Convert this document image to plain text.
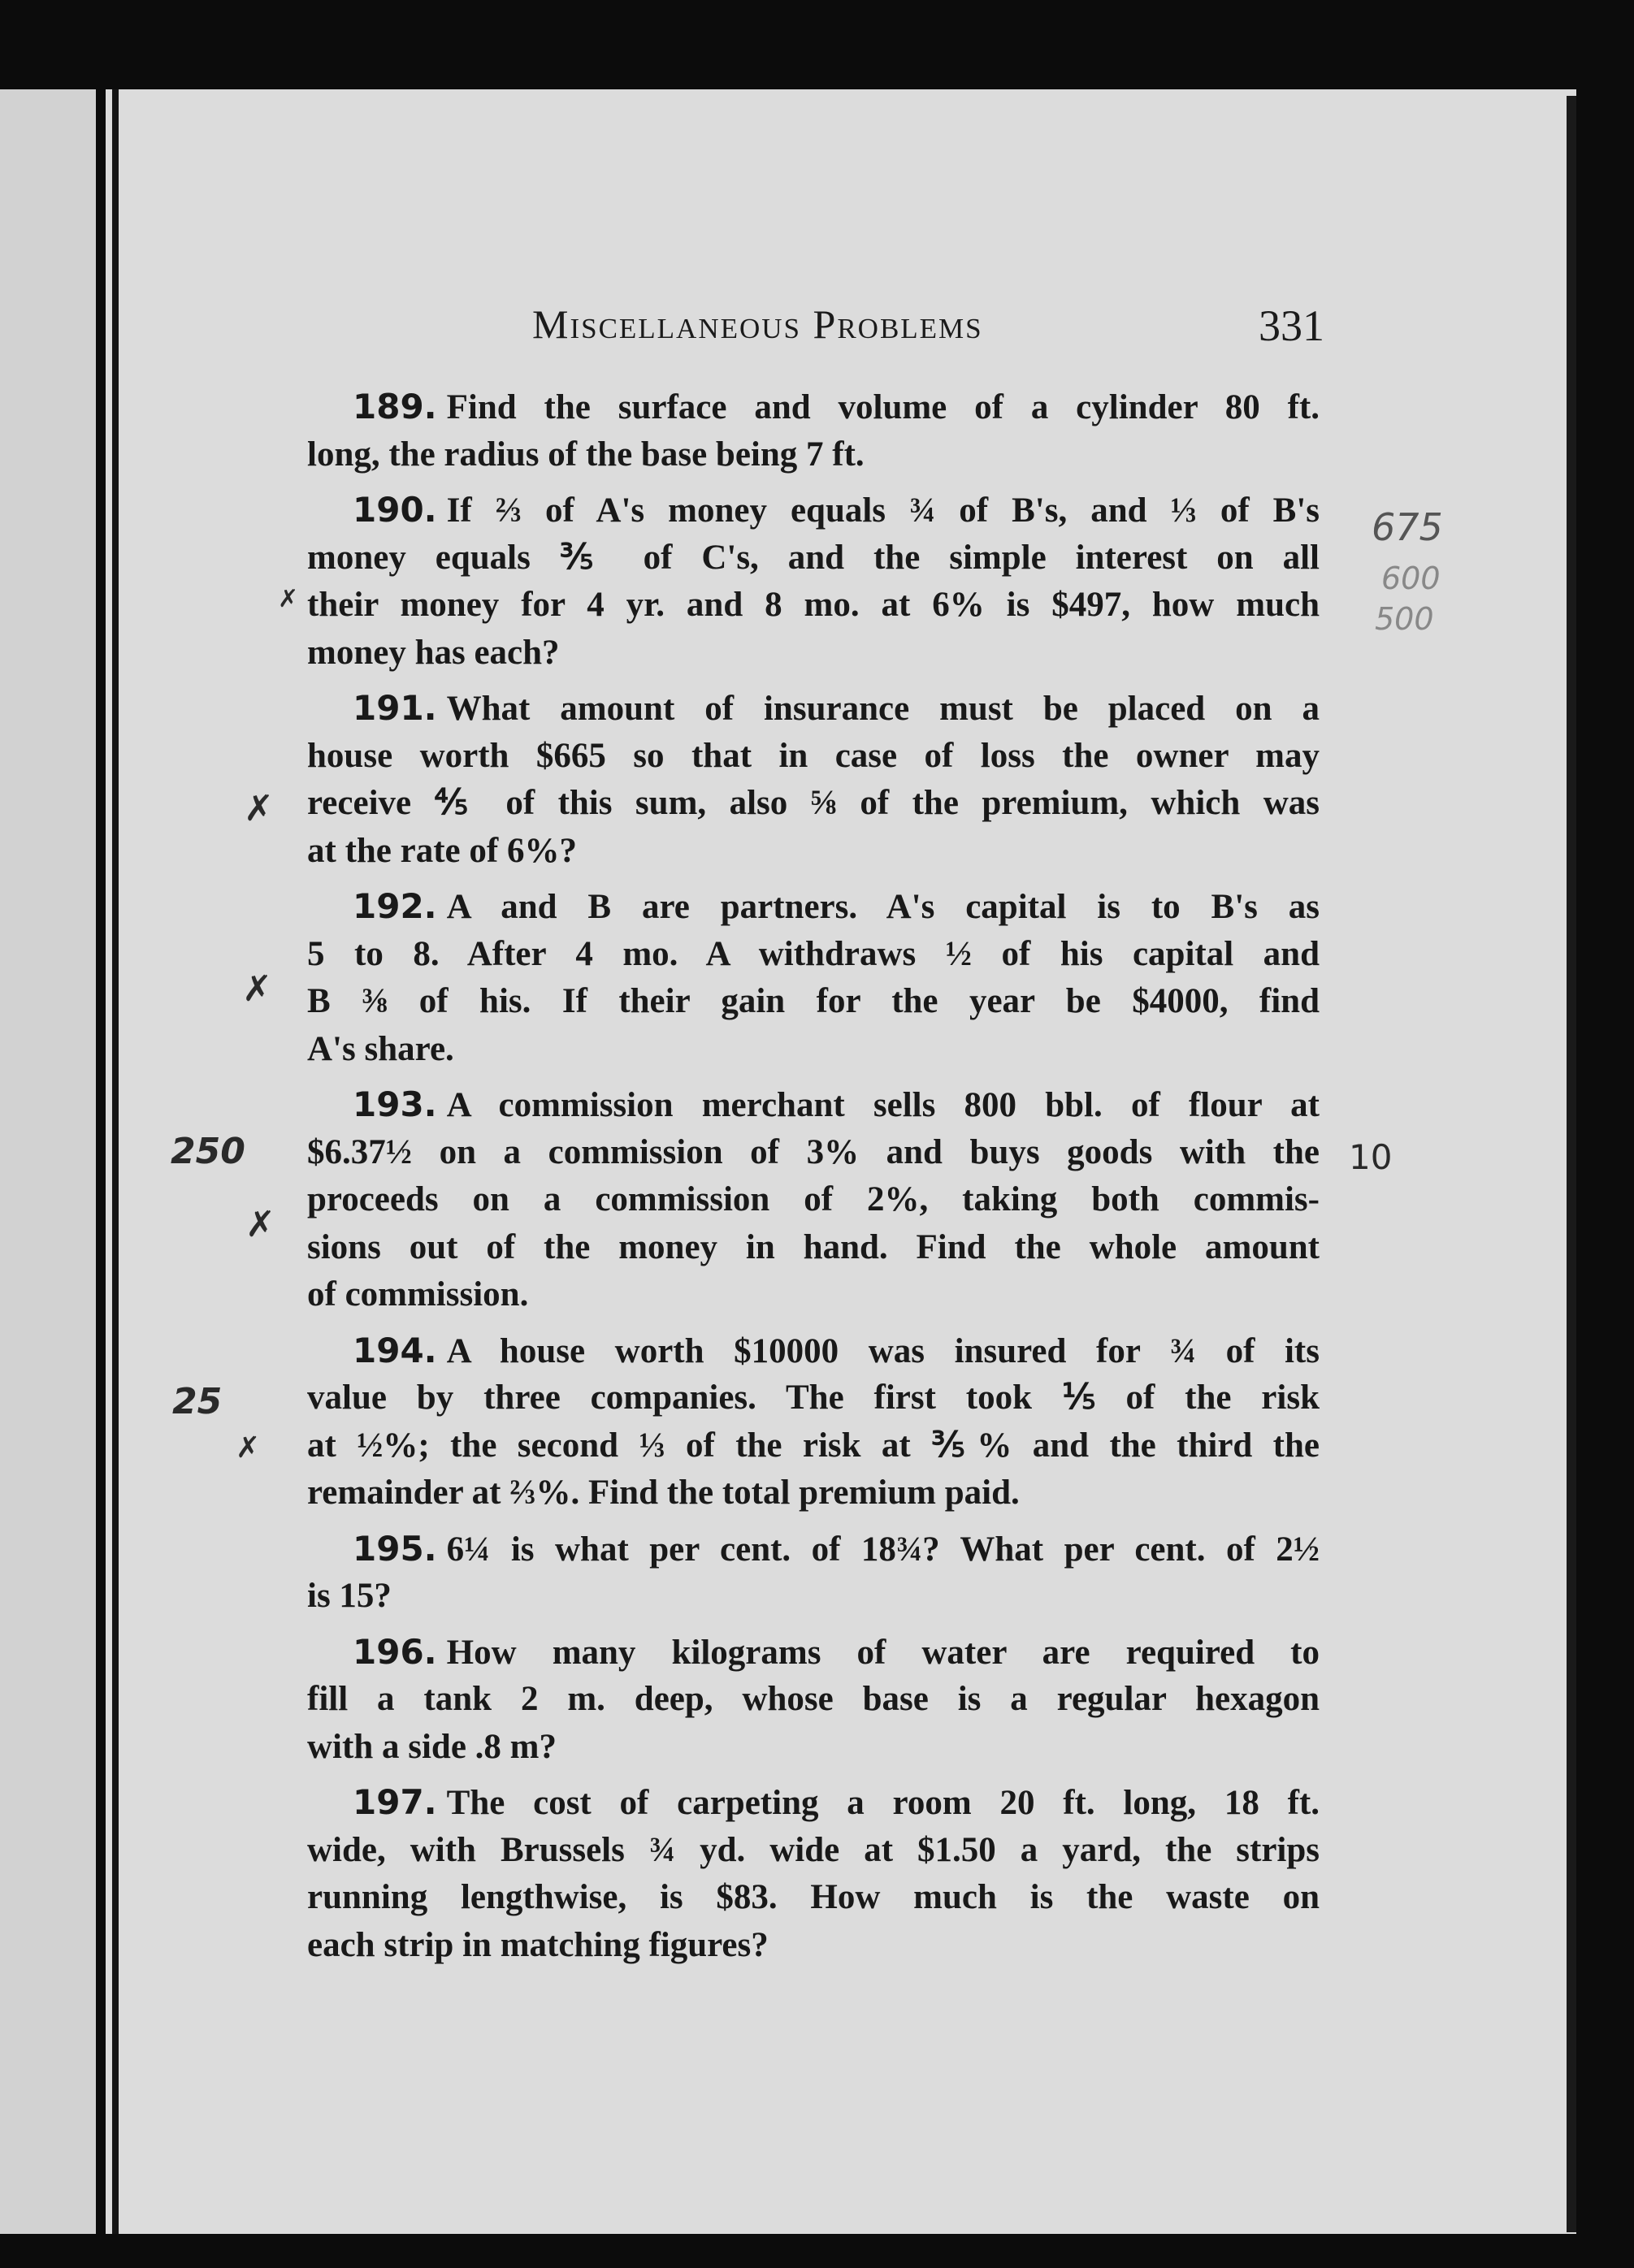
Miscellaneous Problems	331
189. Find the surface and volume of a cylinder 80 ft.
long, the radius of the base being 7 ft.
190. If ⅔ of A's money equals ¾ of B's, and ⅓ of B's
money equals ⅗ of C's, and the simple interest on all
their money for 4 yr. and 8 mo. at 6% is $497, how much
money has each?
191. What amount of insurance must be placed on a
house worth $665 so that in case of loss the owner may
receive ⅘ of this sum, also ⅝ of the premium, which was
at the rate of 6%?
192. A and B are partners. A's capital is to B's as
5 to 8. After 4 mo. A withdraws ½ of his capital and
B ⅜ of his. If their gain for the year be $4000, find
A's share.
193. A commission merchant sells 800 bbl. of flour at
$6.37½ on a commission of 3% and buys goods with the
proceeds on a commission of 2%, taking both commis-
sions out of the money in hand. Find the whole amount
of commission.
194. A house worth $10000 was insured for ¾ of its
value by three companies. The first took ⅕ of the risk
at ½%; the second ⅓ of the risk at ⅗% and the third the
remainder at ⅔%. Find the total premium paid.
195. 6¼ is what per cent. of 18¾? What per cent. of 2½
is 15?
196. How many kilograms of water are required to
fill a tank 2 m. deep, whose base is a regular hexagon
with a side .8 m?
197. The cost of carpeting a room 20 ft. long, 18 ft.
wide, with Brussels ¾ yd. wide at $1.50 a yard, the strips
running lengthwise, is $83. How much is the waste on
each strip in matching figures?
675
600
500
✗
✗
✗
250
✗
10
25
✗
